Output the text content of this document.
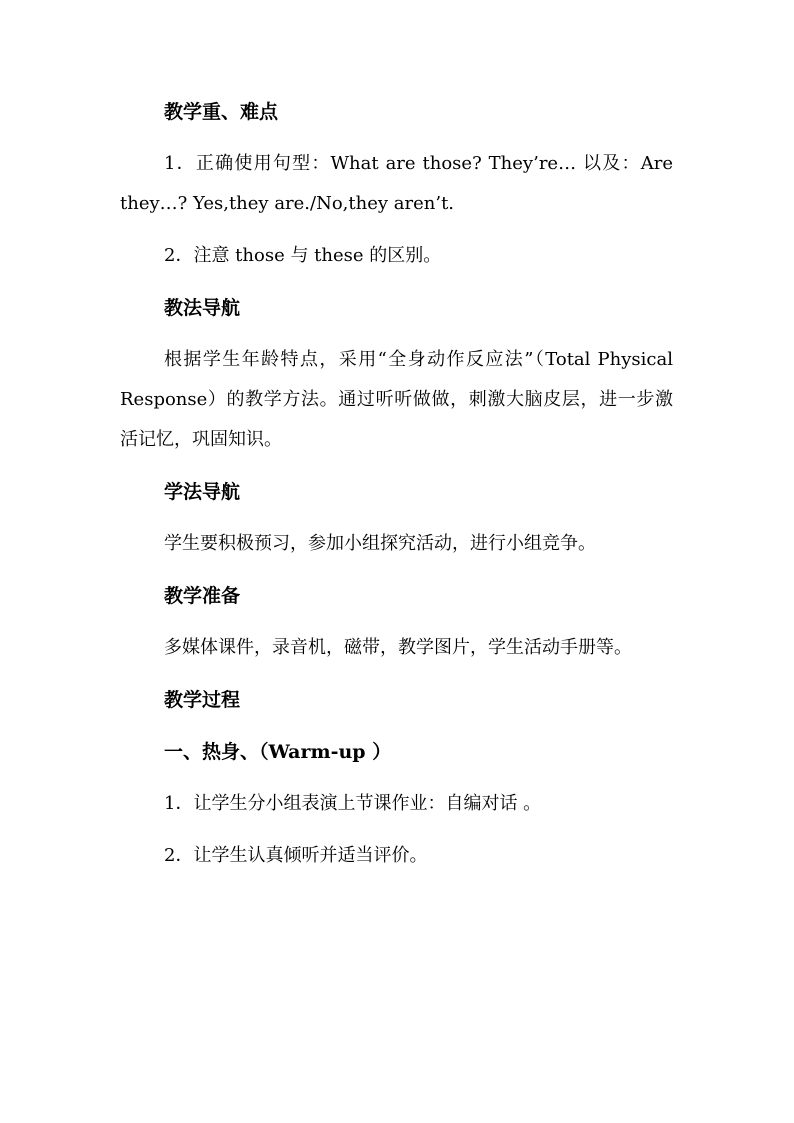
教学重、难点
1．正确使用句型：What are those? They’re… 以及：Are they…? Yes,they are./No,they aren’t.
2．注意 those 与 these 的区别。
教法导航
根据学生年龄特点，采用“全身动作反应法”（Total Physical Response）的教学方法。通过听听做做，刺激大脑皮层，进一步激活记忆，巩固知识。
学法导航
学生要积极预习，参加小组探究活动，进行小组竞争。
教学准备
多媒体课件，录音机，磁带，教学图片，学生活动手册等。
教学过程
一、热身、（Warm-up ）
1．让学生分小组表演上节课作业：自编对话 。
2．让学生认真倾听并适当评价。
